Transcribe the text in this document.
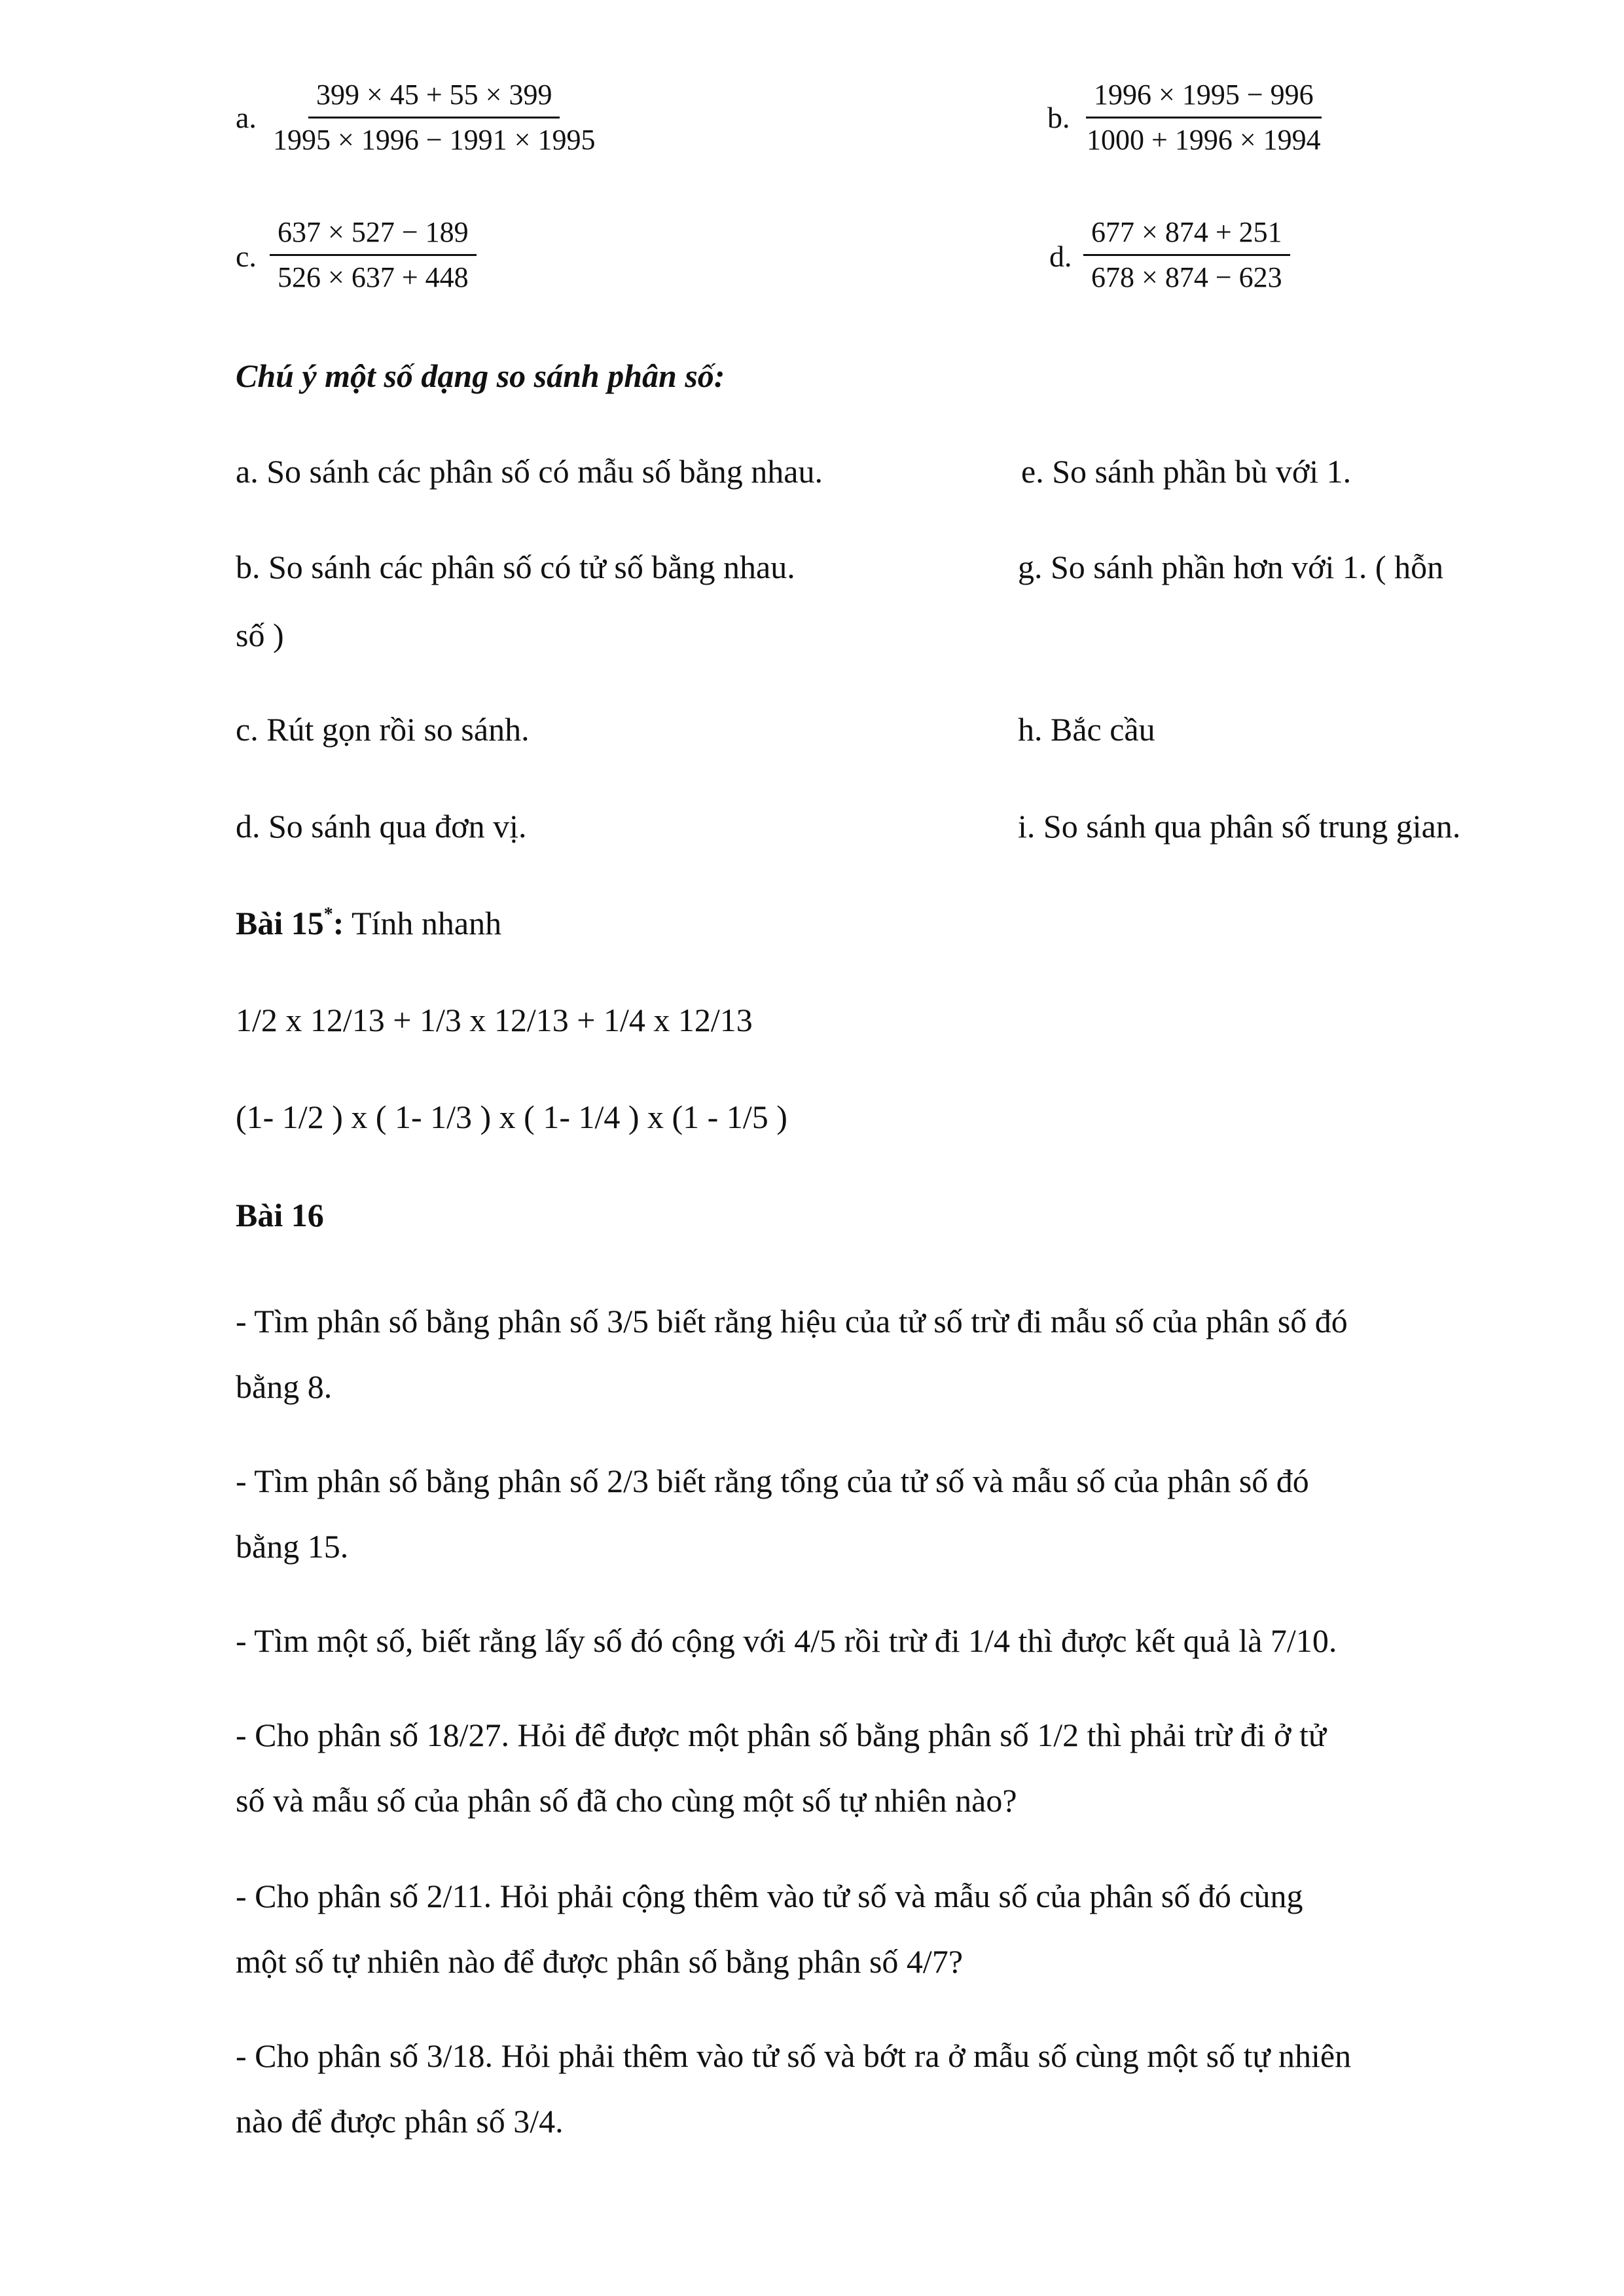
a. $\frac{399 \times 45 + 55 \times 399}{1995 \times 1996 - 1991 \times 1995}$	b. $\frac{1996 \times 1995 - 996}{1000 + 1996 \times 1994}$
c. $\frac{637 \times 527 - 189}{526 \times 637 + 448}$	d. $\frac{677 \times 874 + 251}{678 \times 874 - 623}$
Chú ý một số dạng so sánh phân số:
a. So sánh các phân số có mẫu số bằng nhau.	e. So sánh phần bù với 1.
b. So sánh các phân số có tử số bằng nhau.	g. So sánh phần hơn với 1. ( hỗn
số )
c. Rút gọn rồi so sánh.	h. Bắc cầu
d. So sánh qua đơn vị.	i. So sánh qua phân số trung gian.
Bài 15*: Tính nhanh
1/2 x 12/13 + 1/3 x 12/13 + 1/4 x 12/13
(1- 1/2 ) x ( 1- 1/3 ) x ( 1- 1/4 ) x (1 - 1/5 )
Bài 16
- Tìm phân số bằng phân số 3/5 biết rằng hiệu của tử số trừ đi mẫu số của phân số đó
bằng 8.
- Tìm phân số bằng phân số 2/3 biết rằng tổng của tử số và mẫu số của phân số đó
bằng 15.
- Tìm một số, biết rằng lấy số đó cộng với 4/5 rồi trừ đi 1/4 thì được kết quả là 7/10.
- Cho phân số 18/27. Hỏi để được một phân số bằng phân số 1/2 thì phải trừ đi ở tử
số và mẫu số của phân số đã cho cùng một số tự nhiên nào?
- Cho phân số 2/11. Hỏi phải cộng thêm vào tử số và mẫu số của phân số đó cùng
một số tự nhiên nào để được phân số bằng phân số 4/7?
- Cho phân số 3/18. Hỏi phải thêm vào tử số và bớt ra ở mẫu số cùng một số tự nhiên
nào để được phân số 3/4.
